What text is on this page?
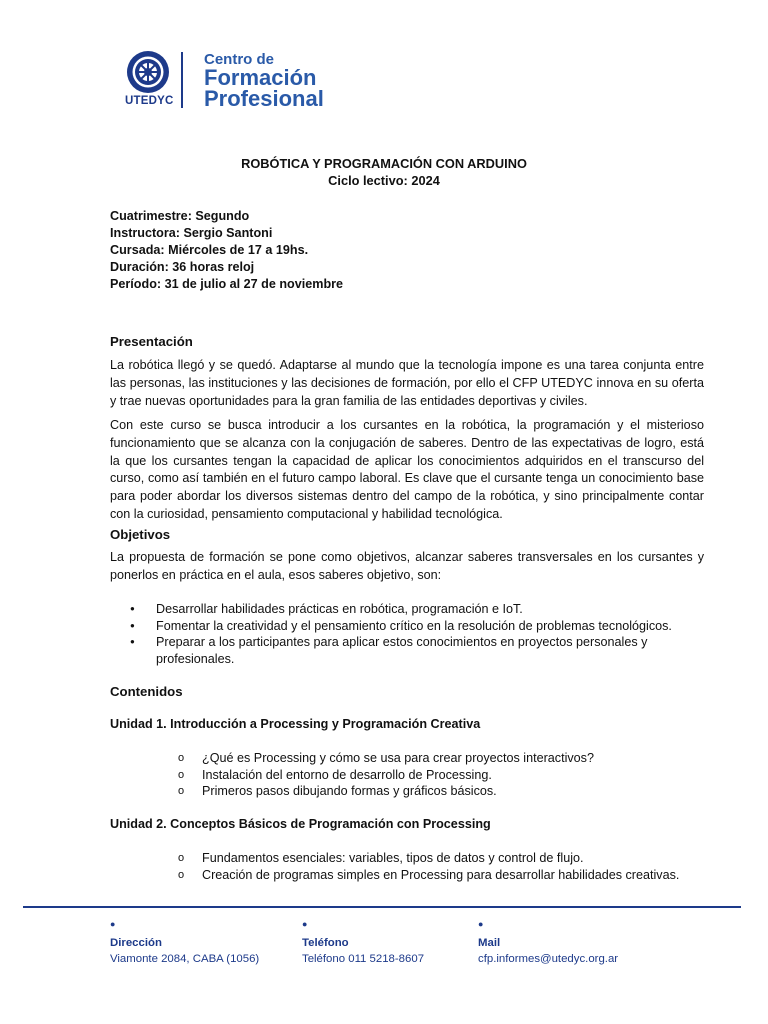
UTEDYC
Centro de
Formación
Profesional
ROBÓTICA Y PROGRAMACIÓN CON ARDUINO
Ciclo lectivo: 2024
Cuatrimestre: Segundo
Instructora: Sergio Santoni
Cursada: Miércoles de 17 a 19hs.
Duración: 36 horas reloj
Período: 31 de julio al 27 de noviembre
Presentación
La robótica llegó y se quedó. Adaptarse al mundo que la tecnología impone es una tarea conjunta entre las personas, las instituciones y las decisiones de formación, por ello el CFP UTEDYC innova en su oferta y trae nuevas oportunidades para la gran familia de las entidades deportivas y civiles.
Con este curso se busca introducir a los cursantes en la robótica, la programación y el misterioso funcionamiento que se alcanza con la conjugación de saberes. Dentro de las expectativas de logro, está la que los cursantes tengan la capacidad de aplicar los conocimientos adquiridos en el transcurso del curso, como así también en el futuro campo laboral. Es clave que el cursante tenga un conocimiento base para poder abordar los diversos sistemas dentro del campo de la robótica, y sino principalmente contar con la curiosidad, pensamiento computacional y habilidad tecnológica.
Objetivos
La propuesta de formación se pone como objetivos, alcanzar saberes transversales en los cursantes y ponerlos en práctica en el aula, esos saberes objetivo, son:
● Desarrollar habilidades prácticas en robótica, programación e IoT.
● Fomentar la creatividad y el pensamiento crítico en la resolución de problemas tecnológicos.
● Preparar a los participantes para aplicar estos conocimientos en proyectos personales y profesionales.
Contenidos
Unidad 1. Introducción a Processing y Programación Creativa
o ¿Qué es Processing y cómo se usa para crear proyectos interactivos?
o Instalación del entorno de desarrollo de Processing.
o Primeros pasos dibujando formas y gráficos básicos.
Unidad 2. Conceptos Básicos de Programación con Processing
o Fundamentos esenciales: variables, tipos de datos y control de flujo.
o Creación de programas simples en Processing para desarrollar habilidades creativas.
●
Dirección
Viamonte 2084, CABA (1056)
●
Teléfono
Teléfono 011 5218-8607
●
Mail
cfp.informes@utedyc.org.ar
